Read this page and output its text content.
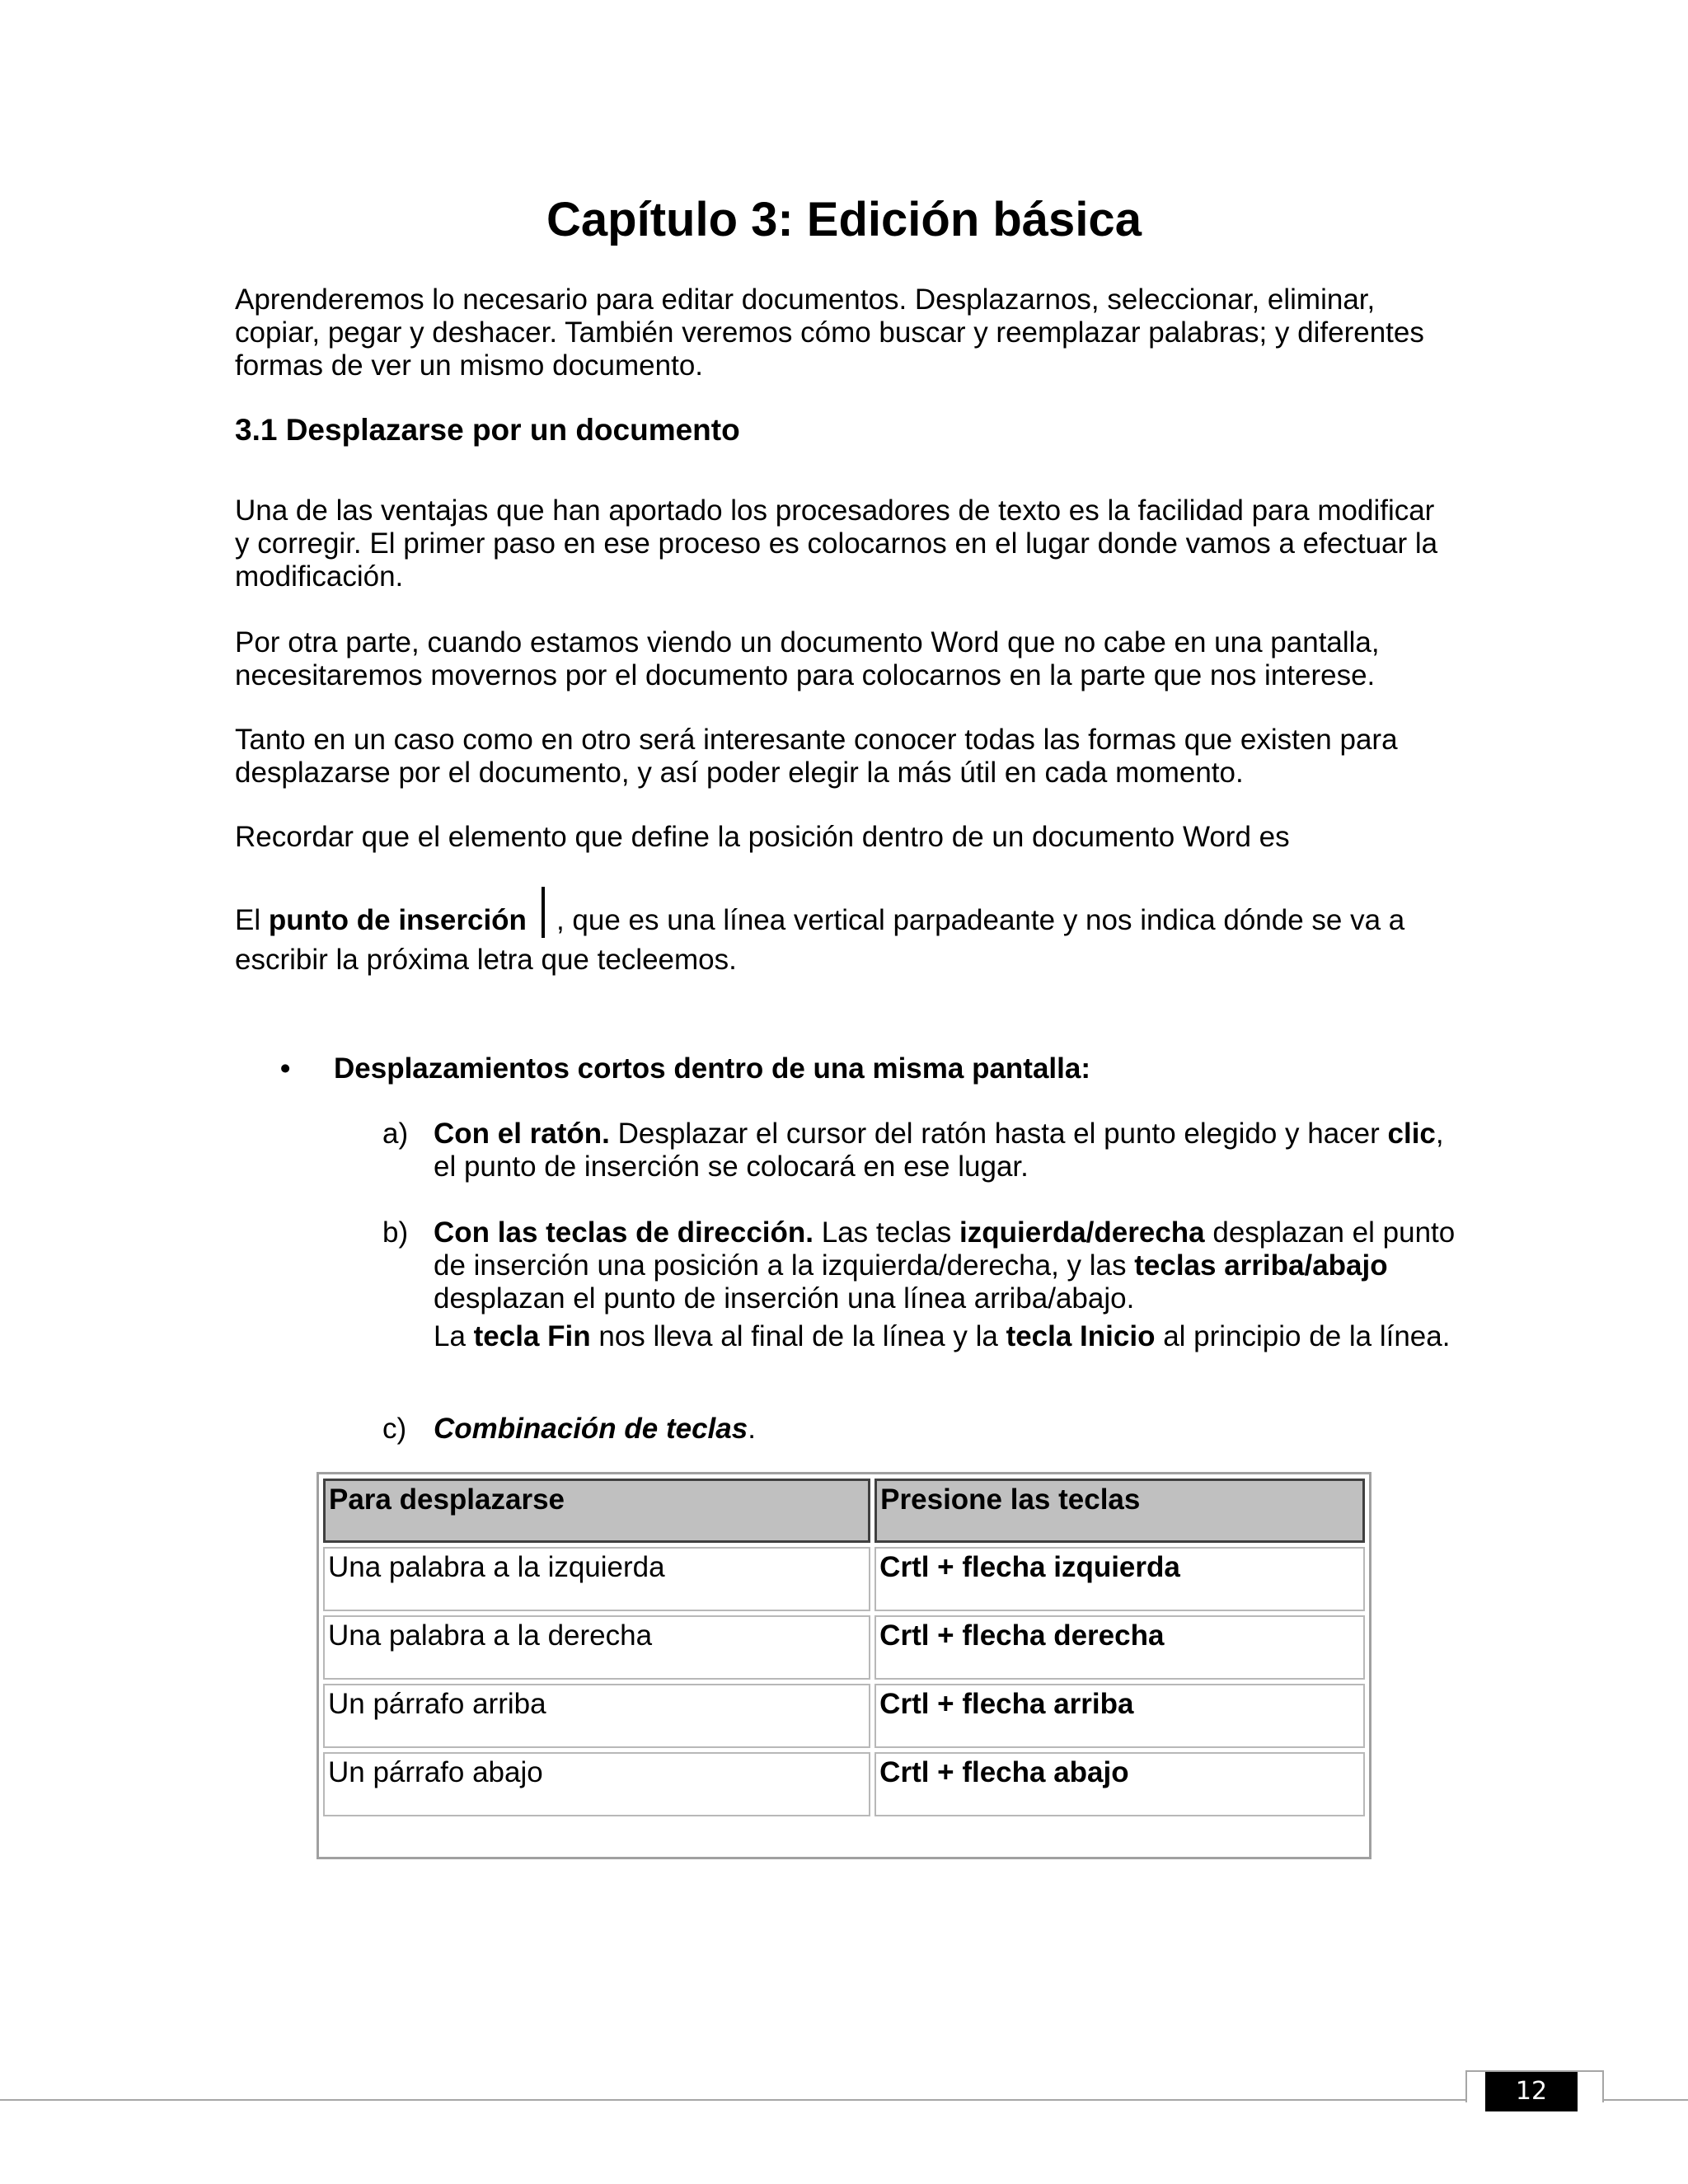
Capítulo 3: Edición básica

Aprenderemos lo necesario para editar documentos. Desplazarnos, seleccionar, eliminar, copiar, pegar y deshacer. También veremos cómo buscar y reemplazar palabras; y diferentes formas de ver un mismo documento.

3.1 Desplazarse por un documento

Una de las ventajas que han aportado los procesadores de texto es la facilidad para modificar y corregir. El primer paso en ese proceso es colocarnos en el lugar donde vamos a efectuar la modificación.

Por otra parte, cuando estamos viendo un documento Word que no cabe en una pantalla, necesitaremos movernos por el documento para colocarnos en la parte que nos interese.

Tanto en un caso como en otro será interesante conocer todas las formas que existen para desplazarse por el documento, y así poder elegir la más útil en cada momento.

Recordar que el elemento que define la posición dentro de un documento Word es

El punto de inserción , que es una línea vertical parpadeante y nos indica dónde se va a escribir la próxima letra que tecleemos.

• Desplazamientos cortos dentro de una misma pantalla:
a) Con el ratón. Desplazar el cursor del ratón hasta el punto elegido y hacer clic, el punto de inserción se colocará en ese lugar.
b) Con las teclas de dirección. Las teclas izquierda/derecha desplazan el punto de inserción una posición a la izquierda/derecha, y las teclas arriba/abajo desplazan el punto de inserción una línea arriba/abajo.
La tecla Fin nos lleva al final de la línea y la tecla Inicio al principio de la línea.
c) Combinación de teclas.
Para desplazarse	Presione las teclas
Una palabra a la izquierda	Crtl + flecha izquierda
Una palabra a la derecha	Crtl + flecha derecha
Un párrafo arriba	Crtl + flecha arriba
Un párrafo abajo	Crtl + flecha abajo
12
